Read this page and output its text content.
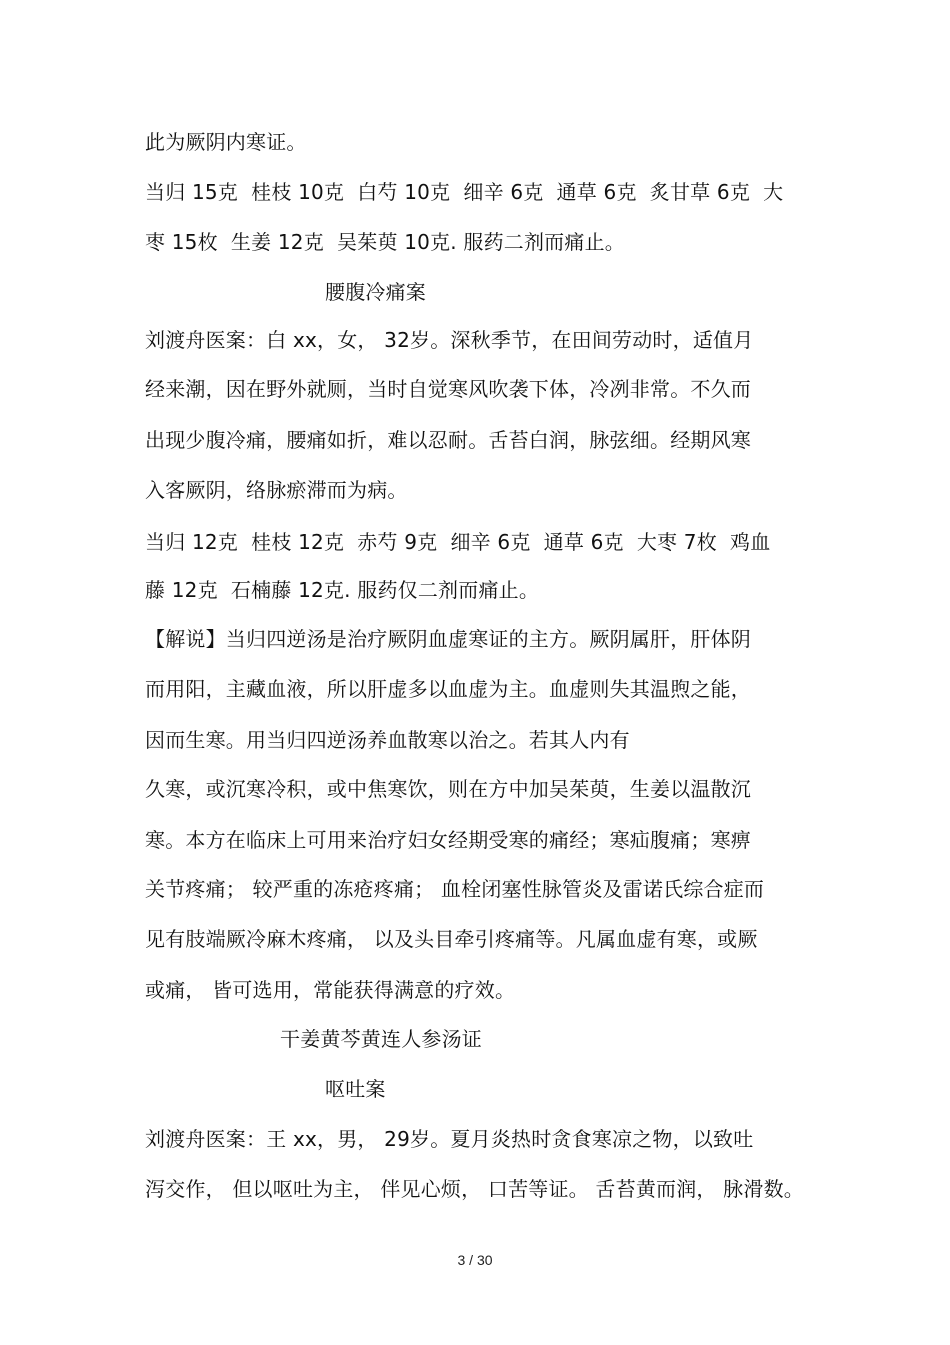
此为厥阴内寒证。
当归 15克  桂枝 10克  白芍 10克  细辛 6克  通草 6克  炙甘草 6克  大
枣 15枚  生姜 12克  吴茱萸 10克. 服药二剂而痛止。
腰腹冷痛案
刘渡舟医案：白 xx，女， 32岁。深秋季节，在田间劳动时，适值月
经来潮，因在野外就厕，当时自觉寒风吹袭下体，冷冽非常。不久而
出现少腹冷痛，腰痛如折，难以忍耐。舌苔白润，脉弦细。经期风寒
入客厥阴，络脉瘀滞而为病。
当归 12克  桂枝 12克  赤芍 9克  细辛 6克  通草 6克  大枣 7枚  鸡血
藤 12克  石楠藤 12克. 服药仅二剂而痛止。
【解说】当归四逆汤是治疗厥阴血虚寒证的主方。厥阴属肝，肝体阴
而用阳，主藏血液，所以肝虚多以血虚为主。血虚则失其温煦之能，
因而生寒。用当归四逆汤养血散寒以治之。若其人内有
久寒，或沉寒冷积，或中焦寒饮，则在方中加吴茱萸，生姜以温散沉
寒。本方在临床上可用来治疗妇女经期受寒的痛经；寒疝腹痛；寒痹
关节疼痛； 较严重的冻疮疼痛； 血栓闭塞性脉管炎及雷诺氏综合症而
见有肢端厥冷麻木疼痛， 以及头目牵引疼痛等。凡属血虚有寒，或厥
或痛， 皆可选用，常能获得满意的疗效。
干姜黄芩黄连人参汤证
呕吐案
刘渡舟医案：王 xx，男， 29岁。夏月炎热时贪食寒凉之物，以致吐
泻交作， 但以呕吐为主， 伴见心烦， 口苦等证。 舌苔黄而润， 脉滑数。
3 / 30
